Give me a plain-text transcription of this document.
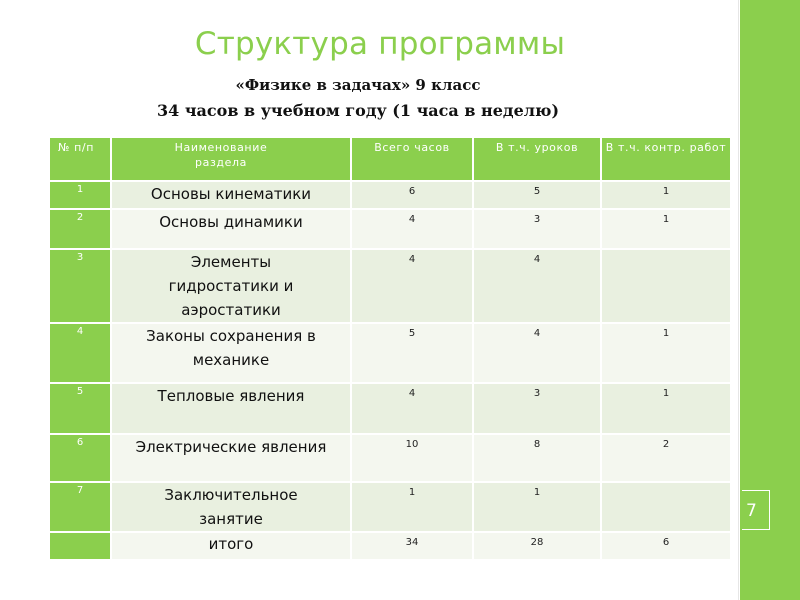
7
Структура программы
«Физике в задачах» 9 класс
34 часов в учебном году (1 часа в неделю)
№ п/п	Наименование раздела	Всего часов	В т.ч. уроков	В т.ч. контр. работ
1	Основы кинематики	6	5	1
2	Основы динамики	4	3	1
3	Элементы гидростатики и аэростатики	4	4	
4	Законы сохранения в механике	5	4	1
5	Тепловые явления	4	3	1
6	Электрические явления	10	8	2
7	Заключительное занятие	1	1	
	итого	34	28	6
